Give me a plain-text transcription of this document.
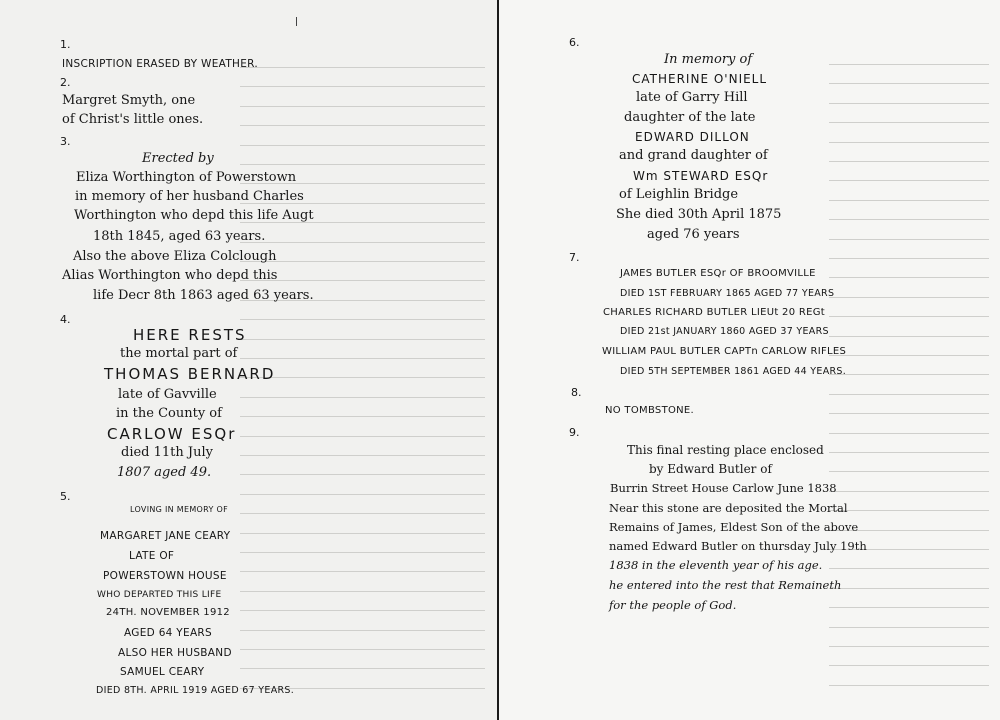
1.
INSCRIPTION ERASED BY WEATHER.
2.
Margret Smyth, one
of Christ's little ones.
3.
Erected by
Eliza Worthington of Powerstown
in memory of her husband Charles
Worthington who depd this life Augt
18th 1845, aged 63 years.
Also the above Eliza Colclough
Alias Worthington who depd this
life Decr 8th 1863 aged 63 years.
4.
HERE RESTS
the mortal part of
THOMAS BERNARD
late of Gavville
in the County of
CARLOW ESQr
died 11th July
1807 aged 49.
5.
LOVING IN MEMORY OF
MARGARET JANE CEARY
LATE OF
POWERSTOWN HOUSE
WHO DEPARTED THIS LIFE
24TH. NOVEMBER 1912
AGED 64 YEARS
ALSO HER HUSBAND
SAMUEL CEARY
DIED 8TH. APRIL 1919 AGED 67 YEARS.
6.
In memory of
CATHERINE O'NIELL
late of Garry Hill
daughter of the late
EDWARD DILLON
and grand daughter of
Wm STEWARD ESQr
of Leighlin Bridge
She died 30th April 1875
aged 76 years
7.
JAMES BUTLER ESQr OF BROOMVILLE
DIED 1ST FEBRUARY 1865 AGED 77 YEARS
CHARLES RICHARD BUTLER LIEUt 20 REGt
DIED 21st JANUARY 1860 AGED 37 YEARS
WILLIAM PAUL BUTLER CAPTn CARLOW RIFLES
DIED 5TH SEPTEMBER 1861 AGED 44 YEARS.
8.
NO TOMBSTONE.
9.
This final resting place enclosed
by Edward Butler of
Burrin Street House Carlow June 1838
Near this stone are deposited the Mortal
Remains of James, Eldest Son of the above
named Edward Butler on thursday July 19th
1838 in the eleventh year of his age.
he entered into the rest that Remaineth
for the people of God.
